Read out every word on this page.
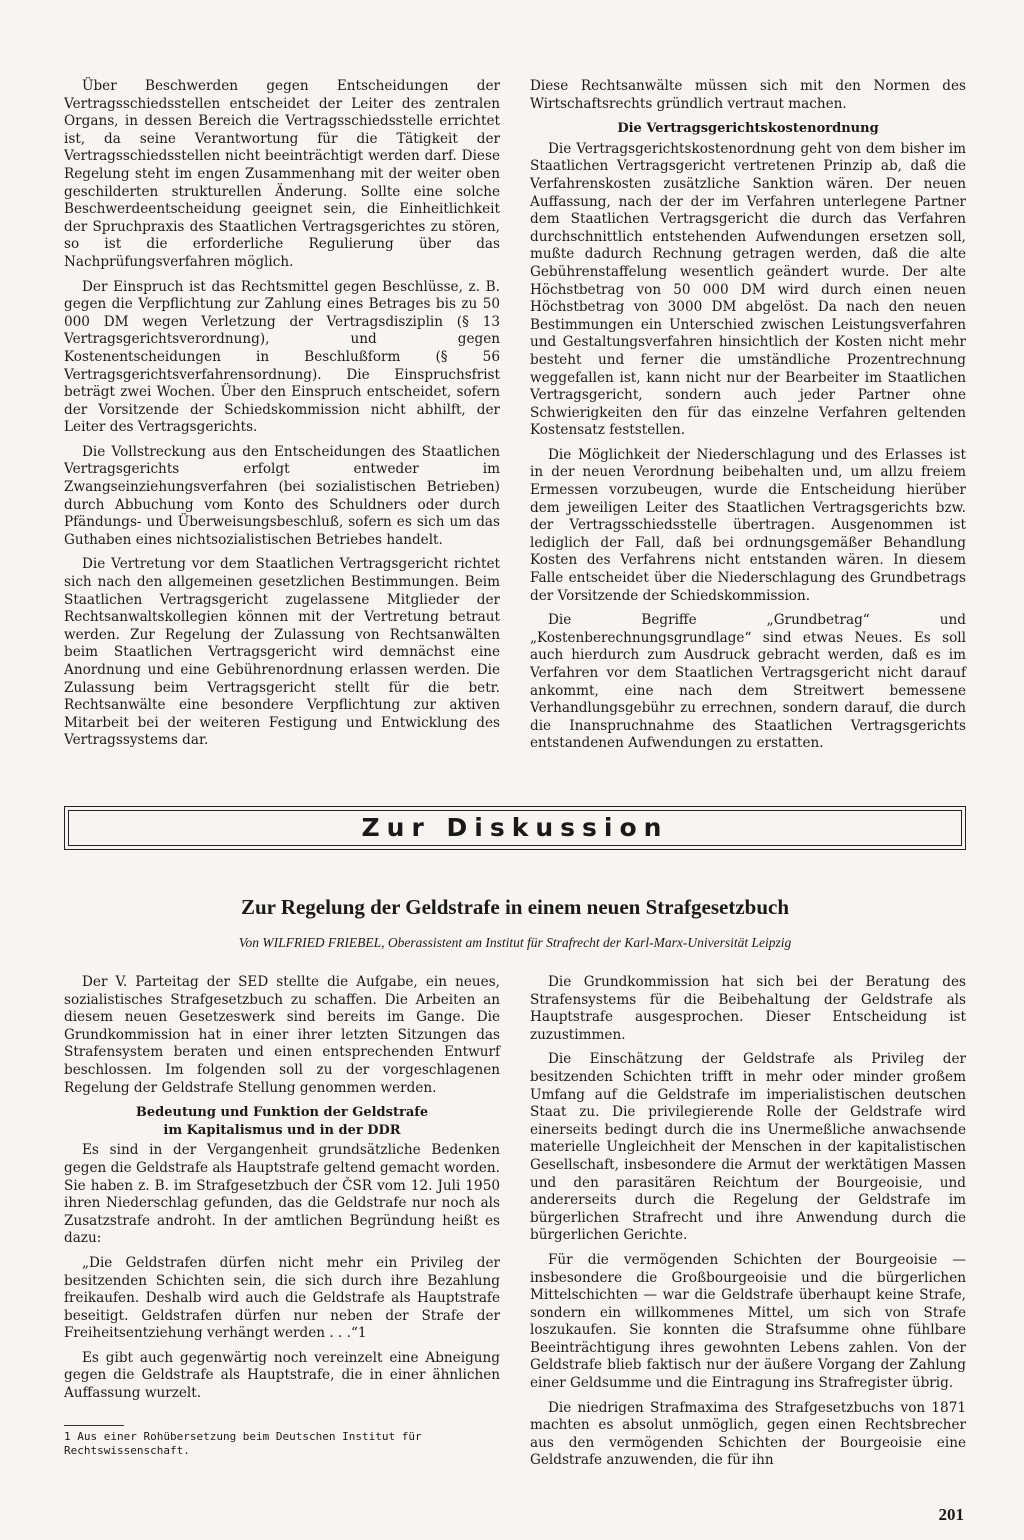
Über Beschwerden gegen Entscheidungen der Vertragsschiedsstellen entscheidet der Leiter des zentralen Organs, in dessen Bereich die Vertragsschiedsstelle errichtet ist, da seine Verantwortung für die Tätigkeit der Vertragsschiedsstellen nicht beeinträchtigt werden darf. Diese Regelung steht im engen Zusammenhang mit der weiter oben geschilderten strukturellen Änderung. Sollte eine solche Beschwerdeentscheidung geeignet sein, die Einheitlichkeit der Spruchpraxis des Staatlichen Vertragsgerichtes zu stören, so ist die erforderliche Regulierung über das Nachprüfungsverfahren möglich.

Der Einspruch ist das Rechtsmittel gegen Beschlüsse, z. B. gegen die Verpflichtung zur Zahlung eines Betrages bis zu 50 000 DM wegen Verletzung der Vertragsdisziplin (§ 13 Vertragsgerichtsverordnung), und gegen Kostenentscheidungen in Beschlußform (§ 56 Vertragsgerichtsverfahrensordnung). Die Einspruchsfrist beträgt zwei Wochen. Über den Einspruch entscheidet, sofern der Vorsitzende der Schiedskommission nicht abhilft, der Leiter des Vertragsgerichts.

Die Vollstreckung aus den Entscheidungen des Staatlichen Vertragsgerichts erfolgt entweder im Zwangseinziehungsverfahren (bei sozialistischen Betrieben) durch Abbuchung vom Konto des Schuldners oder durch Pfändungs- und Überweisungsbeschluß, sofern es sich um das Guthaben eines nichtsozialistischen Betriebes handelt.

Die Vertretung vor dem Staatlichen Vertragsgericht richtet sich nach den allgemeinen gesetzlichen Bestimmungen. Beim Staatlichen Vertragsgericht zugelassene Mitglieder der Rechtsanwaltskollegien können mit der Vertretung betraut werden. Zur Regelung der Zulassung von Rechtsanwälten beim Staatlichen Vertragsgericht wird demnächst eine Anordnung und eine Gebührenordnung erlassen werden. Die Zulassung beim Vertragsgericht stellt für die betr. Rechtsanwälte eine besondere Verpflichtung zur aktiven Mitarbeit bei der weiteren Festigung und Entwicklung des Vertragssystems dar.

Diese Rechtsanwälte müssen sich mit den Normen des Wirtschaftsrechts gründlich vertraut machen.

Die Vertragsgerichtskostenordnung

Die Vertragsgerichtskostenordnung geht von dem bisher im Staatlichen Vertragsgericht vertretenen Prinzip ab, daß die Verfahrenskosten zusätzliche Sanktion wären. Der neuen Auffassung, nach der der im Verfahren unterlegene Partner dem Staatlichen Vertragsgericht die durch das Verfahren durchschnittlich entstehenden Aufwendungen ersetzen soll, mußte dadurch Rechnung getragen werden, daß die alte Gebührenstaffelung wesentlich geändert wurde. Der alte Höchstbetrag von 50 000 DM wird durch einen neuen Höchstbetrag von 3000 DM abgelöst. Da nach den neuen Bestimmungen ein Unterschied zwischen Leistungsverfahren und Gestaltungsverfahren hinsichtlich der Kosten nicht mehr besteht und ferner die umständliche Prozentrechnung weggefallen ist, kann nicht nur der Bearbeiter im Staatlichen Vertragsgericht, sondern auch jeder Partner ohne Schwierigkeiten den für das einzelne Verfahren geltenden Kostensatz feststellen.

Die Möglichkeit der Niederschlagung und des Erlasses ist in der neuen Verordnung beibehalten und, um allzu freiem Ermessen vorzubeugen, wurde die Entscheidung hierüber dem jeweiligen Leiter des Staatlichen Vertragsgerichts bzw. der Vertragsschiedsstelle übertragen. Ausgenommen ist lediglich der Fall, daß bei ordnungsgemäßer Behandlung Kosten des Verfahrens nicht entstanden wären. In diesem Falle entscheidet über die Niederschlagung des Grundbetrags der Vorsitzende der Schiedskommission.

Die Begriffe „Grundbetrag“ und „Kostenberechnungsgrundlage“ sind etwas Neues. Es soll auch hierdurch zum Ausdruck gebracht werden, daß es im Verfahren vor dem Staatlichen Vertragsgericht nicht darauf ankommt, eine nach dem Streitwert bemessene Verhandlungsgebühr zu errechnen, sondern darauf, die durch die Inanspruchnahme des Staatlichen Vertragsgerichts entstandenen Aufwendungen zu erstatten.

Zur Diskussion
Zur Regelung der Geldstrafe in einem neuen Strafgesetzbuch
Von WILFRIED FRIEBEL, Oberassistent am Institut für Strafrecht der Karl-Marx-Universität Leipzig

Der V. Parteitag der SED stellte die Aufgabe, ein neues, sozialistisches Strafgesetzbuch zu schaffen. Die Arbeiten an diesem neuen Gesetzeswerk sind bereits im Gange. Die Grundkommission hat in einer ihrer letzten Sitzungen das Strafensystem beraten und einen entsprechenden Entwurf beschlossen. Im folgenden soll zu der vorgeschlagenen Regelung der Geldstrafe Stellung genommen werden.

Bedeutung und Funktion der Geldstrafe
im Kapitalismus und in der DDR

Es sind in der Vergangenheit grundsätzliche Bedenken gegen die Geldstrafe als Hauptstrafe geltend gemacht worden. Sie haben z. B. im Strafgesetzbuch der ČSR vom 12. Juli 1950 ihren Niederschlag gefunden, das die Geldstrafe nur noch als Zusatzstrafe androht. In der amtlichen Begründung heißt es dazu:

„Die Geldstrafen dürfen nicht mehr ein Privileg der besitzenden Schichten sein, die sich durch ihre Bezahlung freikaufen. Deshalb wird auch die Geldstrafe als Hauptstrafe beseitigt. Geldstrafen dürfen nur neben der Strafe der Freiheitsentziehung verhängt werden . . .“1

Es gibt auch gegenwärtig noch vereinzelt eine Abneigung gegen die Geldstrafe als Hauptstrafe, die in einer ähnlichen Auffassung wurzelt.

1 Aus einer Rohübersetzung beim Deutschen Institut für Rechtswissenschaft.

Die Grundkommission hat sich bei der Beratung des Strafensystems für die Beibehaltung der Geldstrafe als Hauptstrafe ausgesprochen. Dieser Entscheidung ist zuzustimmen.

Die Einschätzung der Geldstrafe als Privileg der besitzenden Schichten trifft in mehr oder minder großem Umfang auf die Geldstrafe im imperialistischen deutschen Staat zu. Die privilegierende Rolle der Geldstrafe wird einerseits bedingt durch die ins Unermeßliche anwachsende materielle Ungleichheit der Menschen in der kapitalistischen Gesellschaft, insbesondere die Armut der werktätigen Massen und den parasitären Reichtum der Bourgeoisie, und andererseits durch die Regelung der Geldstrafe im bürgerlichen Strafrecht und ihre Anwendung durch die bürgerlichen Gerichte.

Für die vermögenden Schichten der Bourgeoisie — insbesondere die Großbourgeoisie und die bürgerlichen Mittelschichten — war die Geldstrafe überhaupt keine Strafe, sondern ein willkommenes Mittel, um sich von Strafe loszukaufen. Sie konnten die Strafsumme ohne fühlbare Beeinträchtigung ihres gewohnten Lebens zahlen. Von der Geldstrafe blieb faktisch nur der äußere Vorgang der Zahlung einer Geldsumme und die Eintragung ins Strafregister übrig.

Die niedrigen Strafmaxima des Strafgesetzbuchs von 1871 machten es absolut unmöglich, gegen einen Rechtsbrecher aus den vermögenden Schichten der Bourgeoisie eine Geldstrafe anzuwenden, die für ihn

201
